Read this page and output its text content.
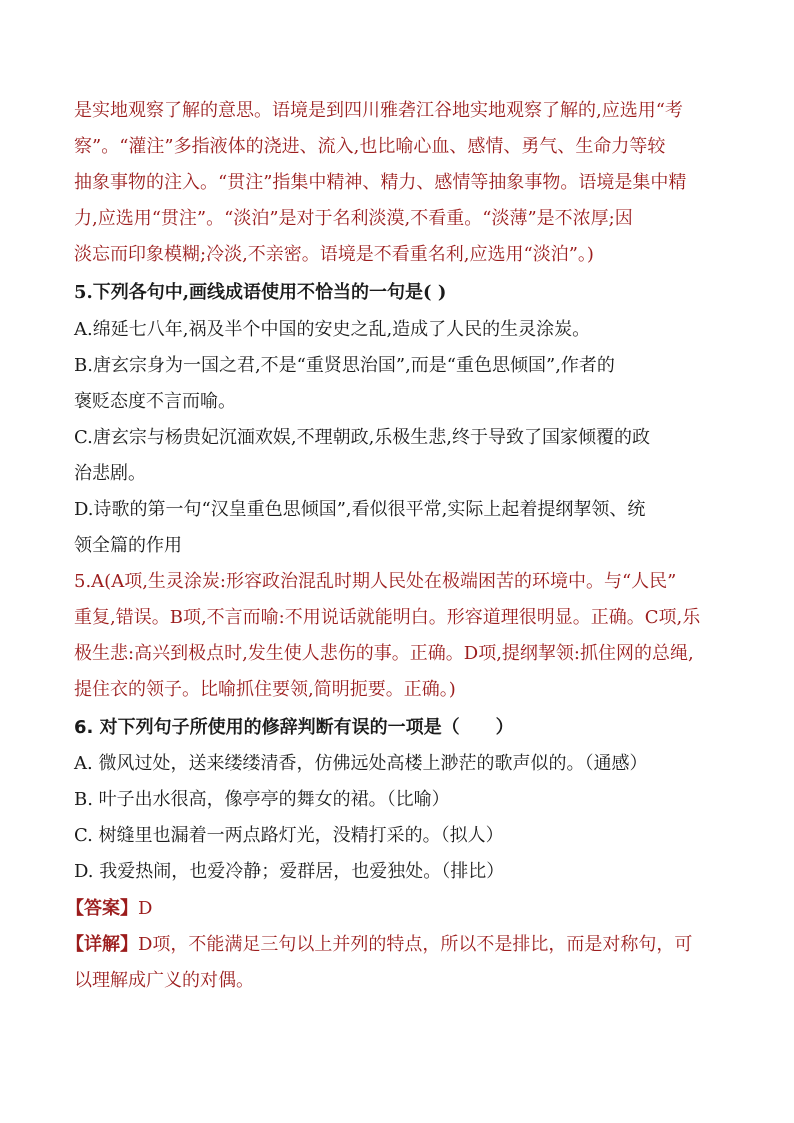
是实地观察了解的意思。语境是到四川雅砻江谷地实地观察了解的,应选用“考
察”。“灌注”多指液体的浇进、流入,也比喻心血、感情、勇气、生命力等较
抽象事物的注入。“贯注”指集中精神、精力、感情等抽象事物。语境是集中精
力,应选用“贯注”。“淡泊”是对于名利淡漠,不看重。“淡薄”是不浓厚;因
淡忘而印象模糊;冷淡,不亲密。语境是不看重名利,应选用“淡泊”。)
5.下列各句中,画线成语使用不恰当的一句是( )
A.绵延七八年,祸及半个中国的安史之乱,造成了人民的生灵涂炭。
B.唐玄宗身为一国之君,不是“重贤思治国”,而是“重色思倾国”,作者的
褒贬态度不言而喻。
C.唐玄宗与杨贵妃沉湎欢娱,不理朝政,乐极生悲,终于导致了国家倾覆的政
治悲剧。
D.诗歌的第一句“汉皇重色思倾国”,看似很平常,实际上起着提纲挈领、统
领全篇的作用
5.A(A项,生灵涂炭:形容政治混乱时期人民处在极端困苦的环境中。与“人民”
重复,错误。B项,不言而喻:不用说话就能明白。形容道理很明显。正确。C项,乐
极生悲:高兴到极点时,发生使人悲伤的事。正确。D项,提纲挈领:抓住网的总绳,
提住衣的领子。比喻抓住要领,简明扼要。正确。)
6. 对下列句子所使用的修辞判断有误的一项是（　　）
A. 微风过处，送来缕缕清香，仿佛远处高楼上渺茫的歌声似的。（通感）
B. 叶子出水很高，像亭亭的舞女的裙。（比喻）
C. 树缝里也漏着一两点路灯光，没精打采的。（拟人）
D. 我爱热闹，也爱冷静；爱群居，也爱独处。（排比）
【答案】D
【详解】D项，不能满足三句以上并列的特点，所以不是排比，而是对称句，可
以理解成广义的对偶。
